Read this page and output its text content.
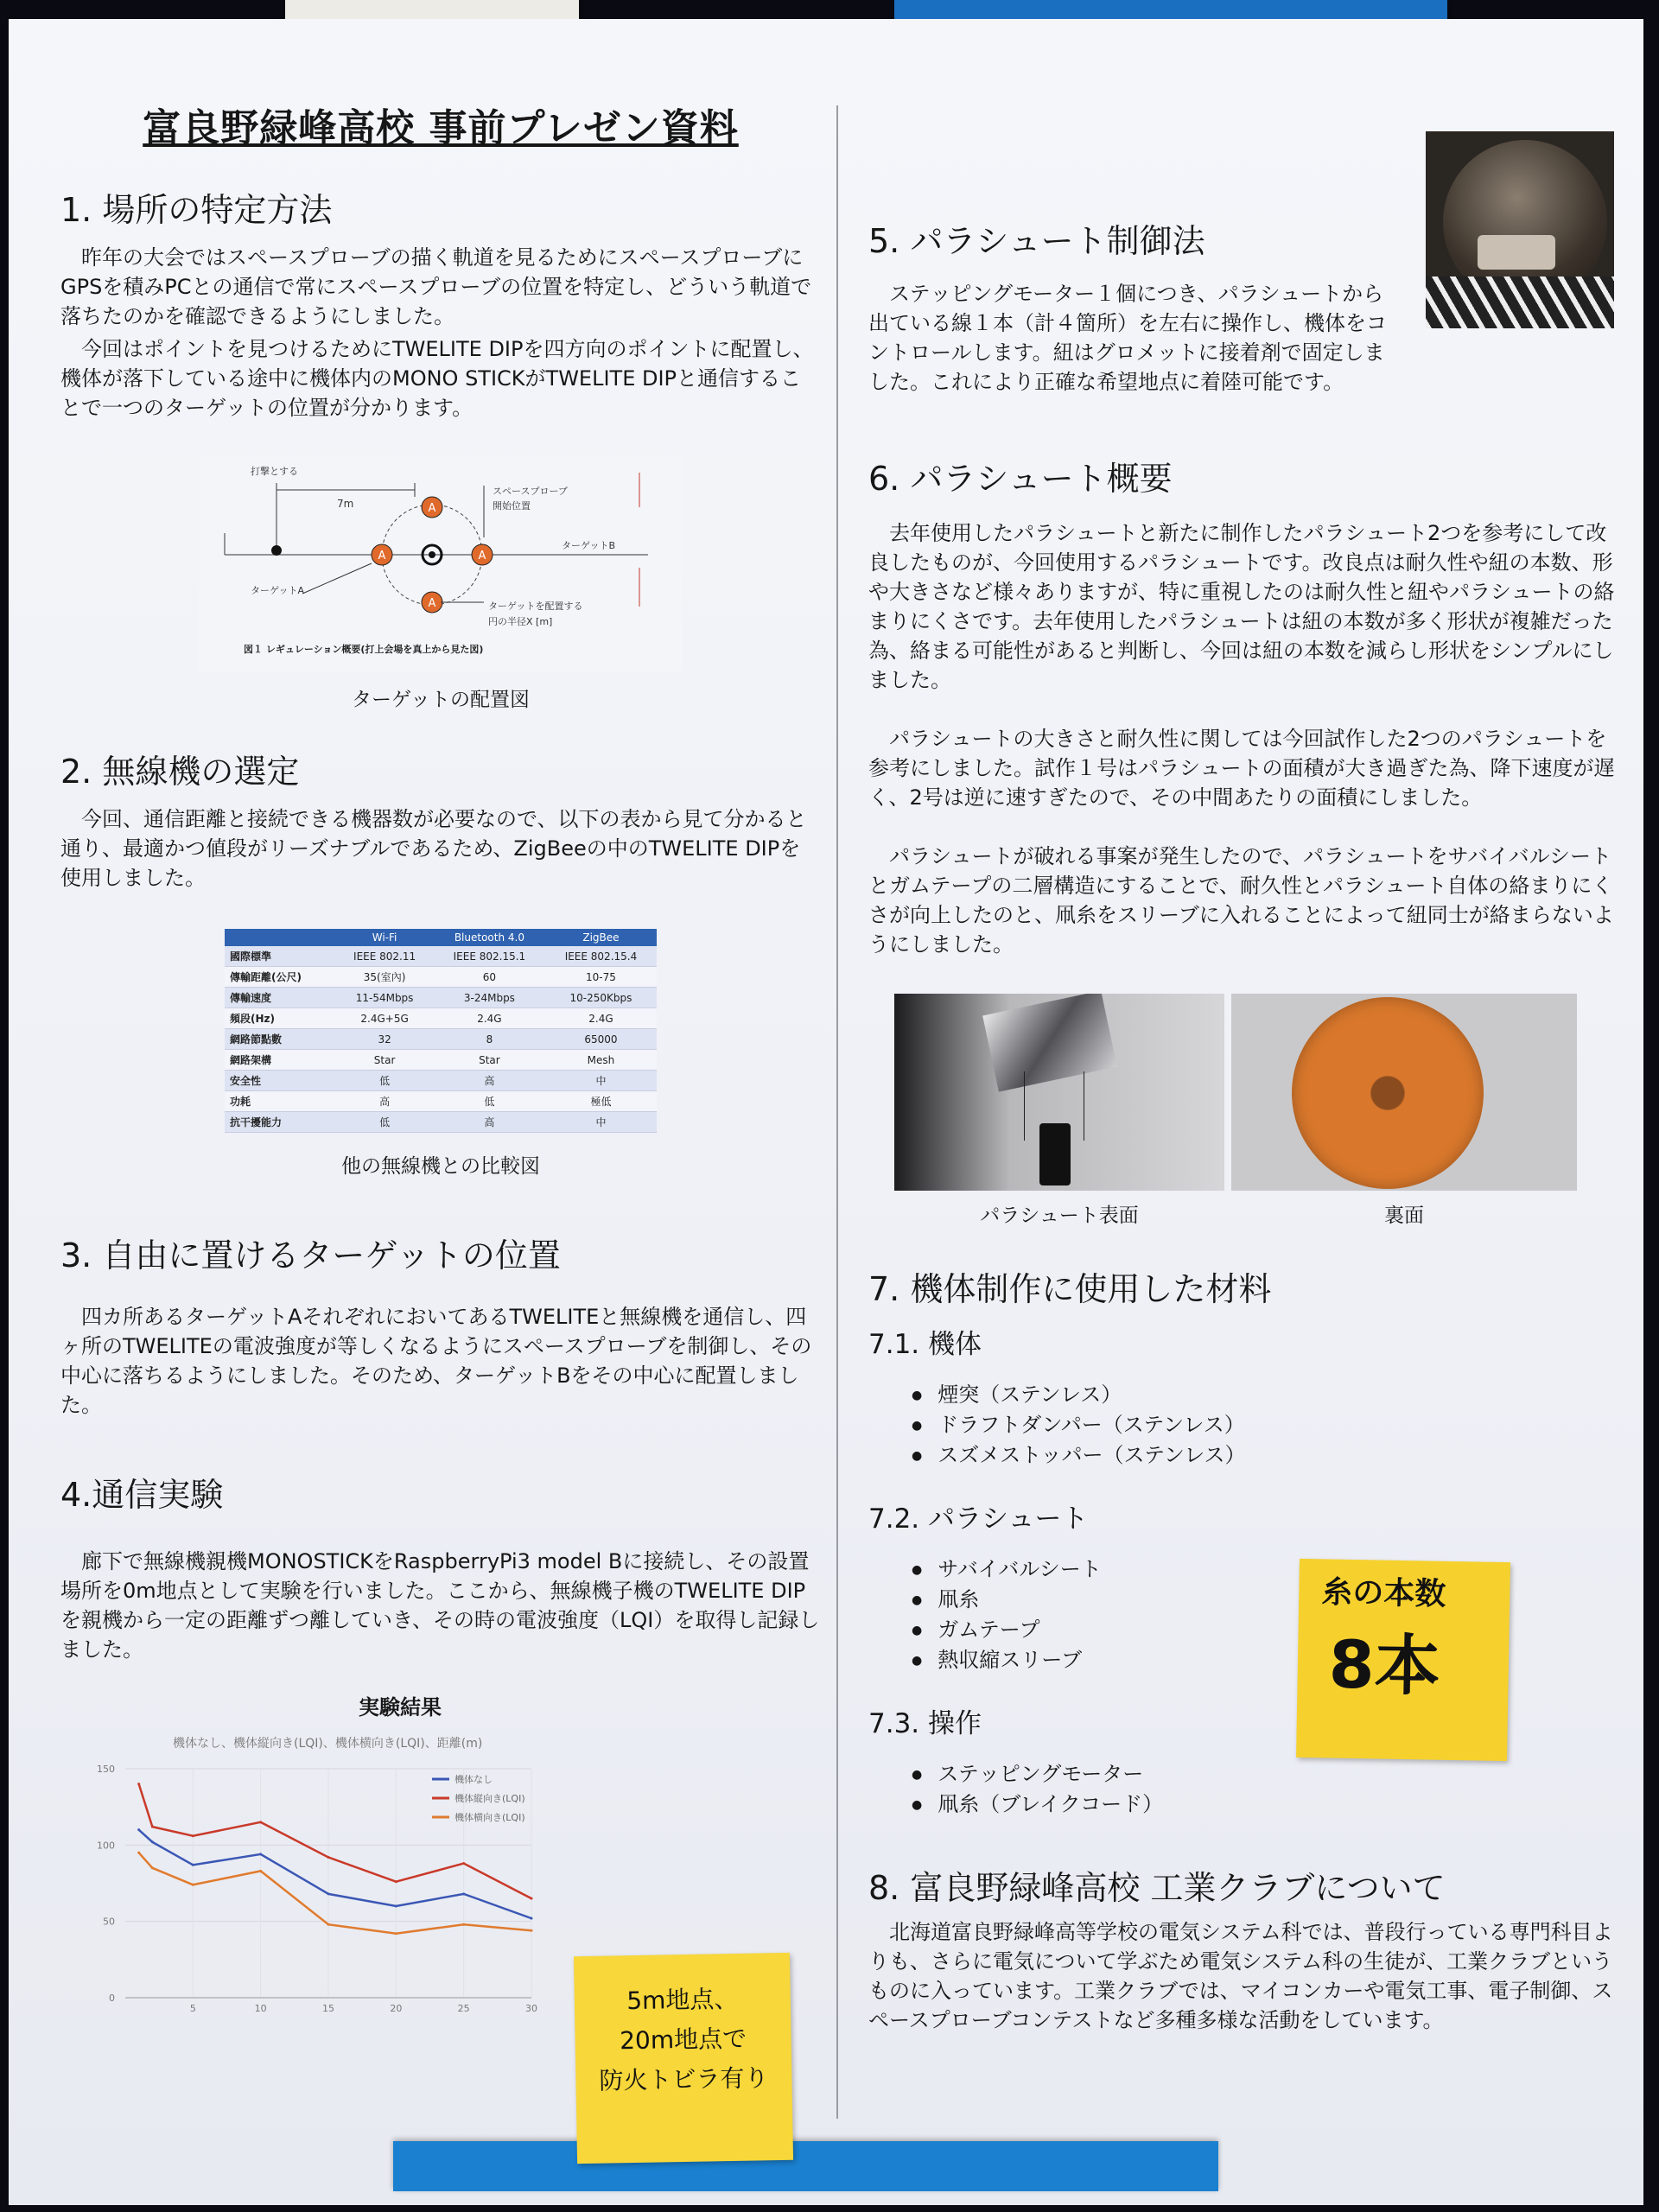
富良野緑峰高校 事前プレゼン資料
1. 場所の特定方法

昨年の大会ではスペースプローブの描く軌道を見るためにスペースプローブにGPSを積みPCとの通信で常にスペースプローブの位置を特定し、どういう軌道で落ちたのかを確認できるようにしました。

今回はポイントを見つけるためにTWELITE DIPを四方向のポイントに配置し、機体が落下している途中に機体内のMONO STICKがTWELITE DIPと通信することで一つのターゲットの位置が分かります。

打撃とする
7m	A
A	A
A
スペースプローブ
開始位置
ターゲットB
ターゲットA
ターゲットを配置する
円の半径X [m]
図１ レギュレーション概要(打上会場を真上から見た図)
ターゲットの配置図
2. 無線機の選定

今回、通信距離と接続できる機器数が必要なので、以下の表から見て分かると通り、最適かつ値段がリーズナブルであるため、ZigBeeの中のTWELITE DIPを使用しました。

	Wi-Fi	Bluetooth 4.0	ZigBee
國際標準	IEEE 802.11	IEEE 802.15.1	IEEE 802.15.4
傳輸距離(公尺)	35(室內)	60	10-75
傳輸速度	11-54Mbps	3-24Mbps	10-250Kbps
頻段(Hz)	2.4G+5G	2.4G	2.4G
網路節點數	32	8	65000
網路架構	Star	Star	Mesh
安全性	低	高	中
功耗	高	低	極低
抗干擾能力	低	高	中
他の無線機との比較図
3. 自由に置けるターゲットの位置

四カ所あるターゲットAそれぞれにおいてあるTWELITEと無線機を通信し、四ヶ所のTWELITEの電波強度が等しくなるようにスペースプローブを制御し、その中心に落ちるようにしました。そのため、ターゲットBをその中心に配置しました。

4.通信実験

廊下で無線機親機MONOSTICKをRaspberryPi3 model Bに接続し、その設置場所を0m地点として実験を行いました。ここから、無線機子機のTWELITE DIPを親機から一定の距離ずつ離していき、その時の電波強度（LQI）を取得し記録しました。

実験結果
機体なし、機体縦向き(LQI)、機体横向き(LQI)、距離(m)
0
50
100
150
5	10	15	20	25	30
機体なし
機体縦向き(LQI)
機体横向き(LQI)
5. パラシュート制御法

ステッピングモーター１個につき、パラシュートから出ている線１本（計４箇所）を左右に操作し、機体をコントロールします。紐はグロメットに接着剤で固定しました。これにより正確な希望地点に着陸可能です。

6. パラシュート概要

去年使用したパラシュートと新たに制作したパラシュート2つを参考にして改良したものが、今回使用するパラシュートです。改良点は耐久性や紐の本数、形や大きさなど様々ありますが、特に重視したのは耐久性と紐やパラシュートの絡まりにくさです。去年使用したパラシュートは紐の本数が多く形状が複雑だった為、絡まる可能性があると判断し、今回は紐の本数を減らし形状をシンプルにしました。

パラシュートの大きさと耐久性に関しては今回試作した2つのパラシュートを参考にしました。試作１号はパラシュートの面積が大き過ぎた為、降下速度が遅く、2号は逆に速すぎたので、その中間あたりの面積にしました。

パラシュートが破れる事案が発生したので、パラシュートをサバイバルシートとガムテープの二層構造にすることで、耐久性とパラシュート自体の絡まりにくさが向上したのと、凧糸をスリーブに入れることによって紐同士が絡まらないようにしました。

パラシュート表面	裏面
7. 機体制作に使用した材料
7.1. 機体
● 煙突（ステンレス）
● ドラフトダンパー（ステンレス）
● スズメストッパー（ステンレス）
7.2. パラシュート
● サバイバルシート
● 凧糸
● ガムテープ
● 熱収縮スリーブ
7.3. 操作
● ステッピングモーター
● 凧糸（ブレイクコード）
8. 富良野緑峰高校 工業クラブについて

北海道富良野緑峰高等学校の電気システム科では、普段行っている専門科目よりも、さらに電気について学ぶため電気システム科の生徒が、工業クラブというものに入っています。工業クラブでは、マイコンカーや電気工事、電子制御、スペースプローブコンテストなど多種多様な活動をしています。

5m地点、
20m地点で
防火トビラ有り
糸の本数
8本
